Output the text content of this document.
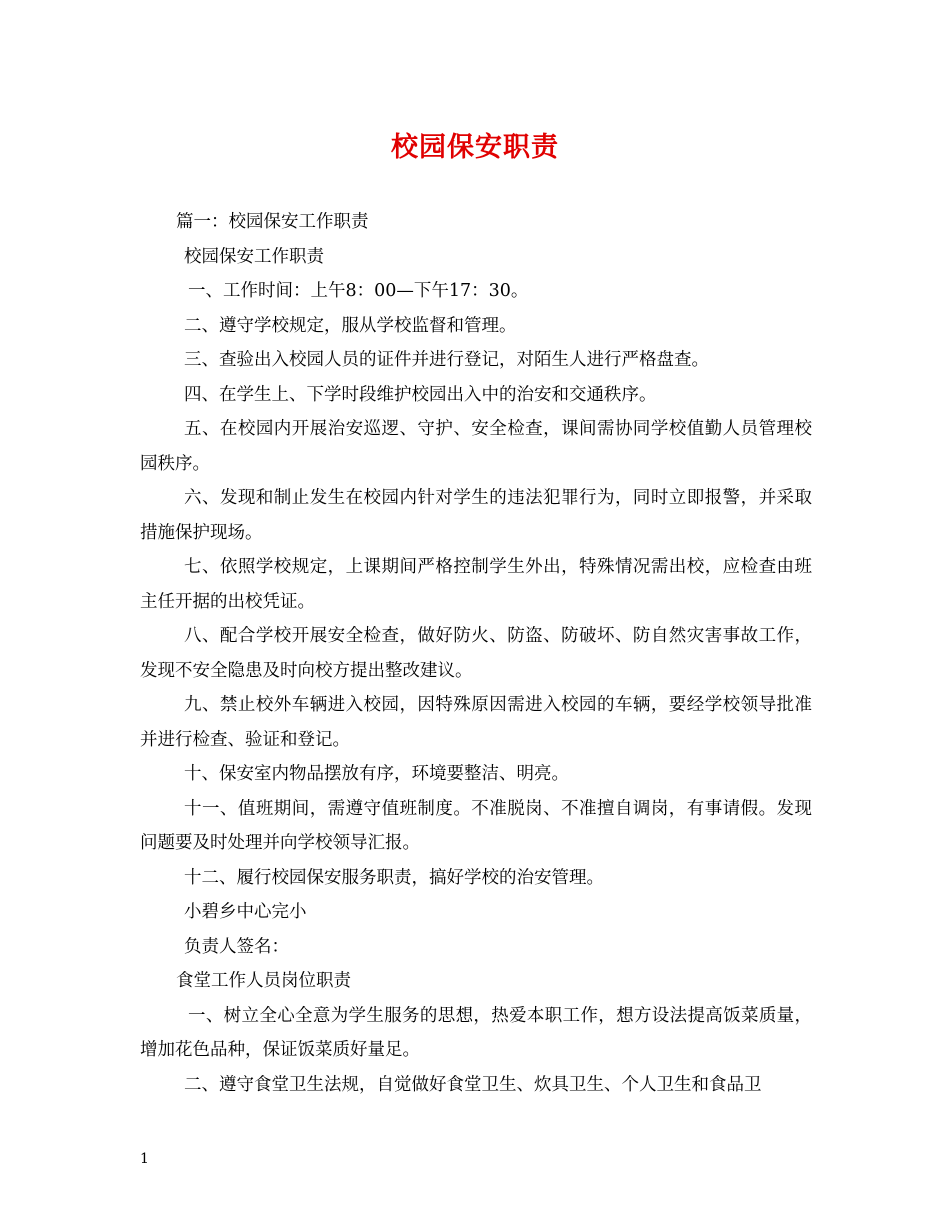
校园保安职责

篇一：校园保安工作职责

校园保安工作职责

一、工作时间：上午8：00—下午17：30。

二、遵守学校规定，服从学校监督和管理。

三、查验出入校园人员的证件并进行登记，对陌生人进行严格盘查。

四、在学生上、下学时段维护校园出入中的治安和交通秩序。

五、在校园内开展治安巡逻、守护、安全检查，课间需协同学校值勤人员管理校园秩序。

六、发现和制止发生在校园内针对学生的违法犯罪行为，同时立即报警，并采取措施保护现场。

七、依照学校规定，上课期间严格控制学生外出，特殊情况需出校，应检查由班主任开据的出校凭证。

八、配合学校开展安全检查，做好防火、防盗、防破坏、防自然灾害事故工作，发现不安全隐患及时向校方提出整改建议。

九、禁止校外车辆进入校园，因特殊原因需进入校园的车辆，要经学校领导批准并进行检查、验证和登记。

十、保安室内物品摆放有序，环境要整洁、明亮。

十一、值班期间，需遵守值班制度。不准脱岗、不准擅自调岗，有事请假。发现问题要及时处理并向学校领导汇报。

十二、履行校园保安服务职责，搞好学校的治安管理。

小碧乡中心完小

负责人签名：

食堂工作人员岗位职责

一、树立全心全意为学生服务的思想，热爱本职工作，想方设法提高饭菜质量，增加花色品种，保证饭菜质好量足。

二、遵守食堂卫生法规，自觉做好食堂卫生、炊具卫生、个人卫生和食品卫

1
